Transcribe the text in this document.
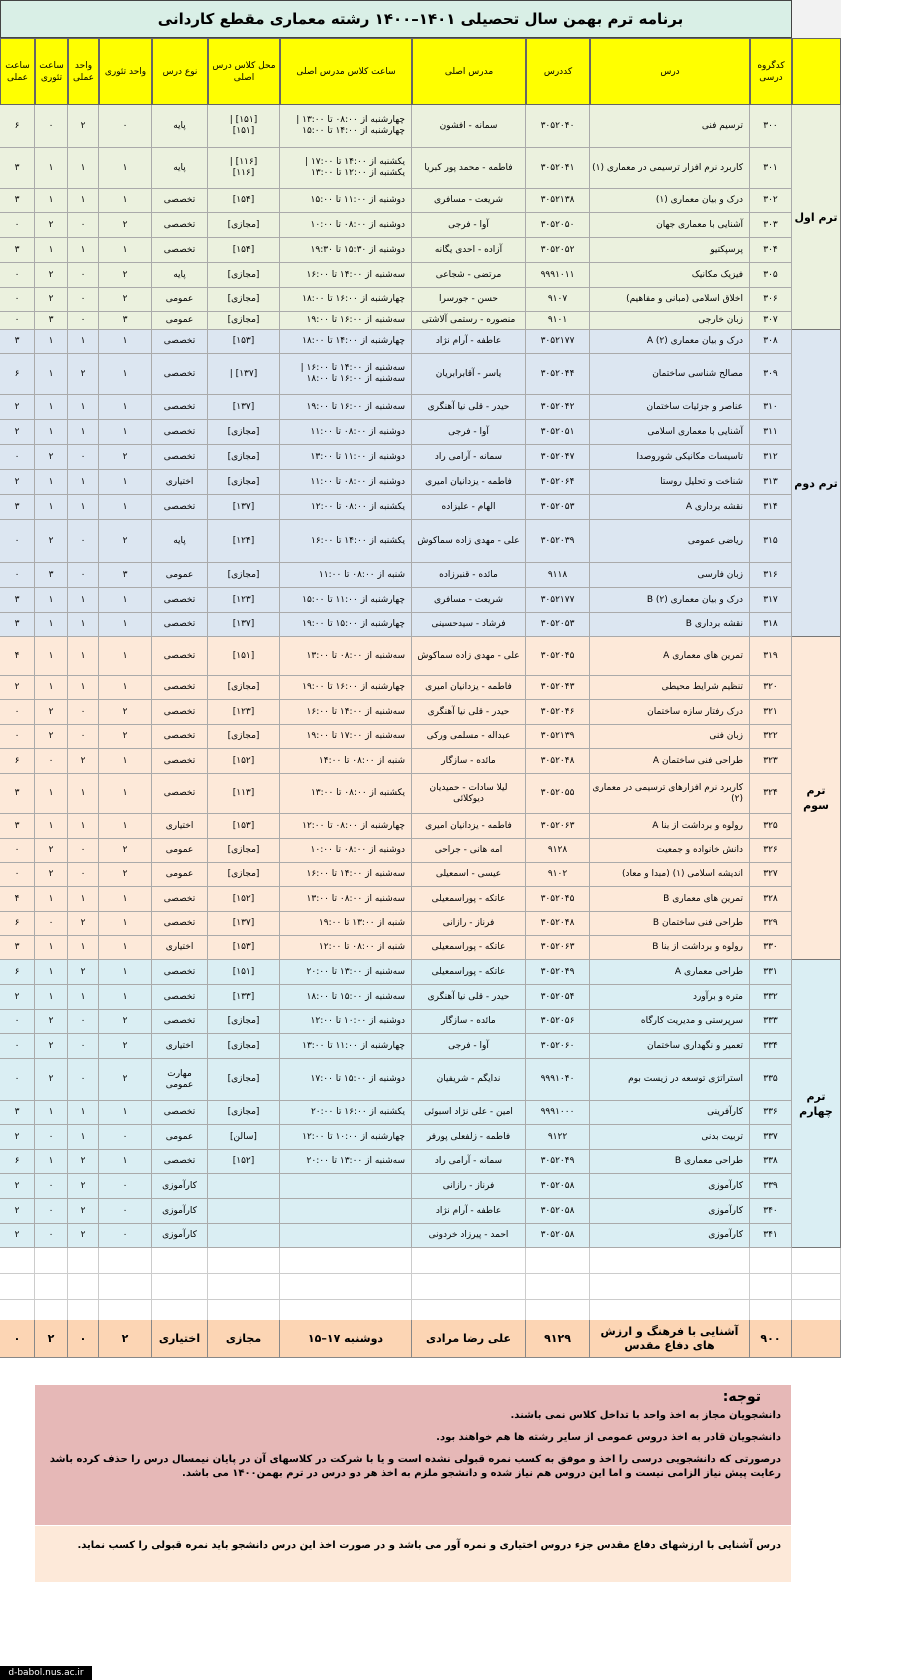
برنامه ترم بهمن سال تحصیلی ۱۴۰۱–۱۴۰۰ رشته معماری مقطع کاردانی
کدگروه درسی
درس
کددرس
مدرس اصلی
ساعت کلاس مدرس اصلی
محل کلاس درس اصلی
نوع درس
واحد تئوری
واحد عملی
ساعت تئوری
ساعت عملی
۳۰۰
ترسیم فنی
۳۰۵۲۰۴۰
سمانه - افشون
چهارشنبه از ۰۸:۰۰ تا ۱۳:۰۰ |
چهارشنبه از ۱۴:۰۰ تا ۱۵:۰۰
[۱۵۱] |
[۱۵۱]
پایه
۰
۲
۰
۶
۳۰۱
کاربرد نرم افزار ترسیمی در معماری (۱)
۳۰۵۲۰۴۱
فاطمه - محمد پور کبریا
یکشنبه از ۱۴:۰۰ تا ۱۷:۰۰ |
یکشنبه از ۱۲:۰۰ تا ۱۳:۰۰
[۱۱۶] |
[۱۱۶]
پایه
۱
۱
۱
۳
۳۰۲
درک و بیان معماری (۱)
۳۰۵۲۱۳۸
شریعت - مسافری
دوشنبه از ۱۱:۰۰ تا ۱۵:۰۰
[۱۵۴]
تخصصی
۱
۱
۱
۳
۳۰۳
آشنایی با معماری جهان
۳۰۵۲۰۵۰
آوا - فرجی
دوشنبه از ۰۸:۰۰ تا ۱۰:۰۰
[مجازی]
تخصصی
۲
۰
۲
۰
۳۰۴
پرسپکتیو
۳۰۵۲۰۵۲
آزاده - احدی یگانه
دوشنبه از ۱۵:۳۰ تا ۱۹:۳۰
[۱۵۴]
تخصصی
۱
۱
۱
۳
۳۰۵
فیزیک مکانیک
۹۹۹۱۰۱۱
مرتضی - شجاعی
سه‌شنبه از ۱۴:۰۰ تا ۱۶:۰۰
[مجازی]
پایه
۲
۰
۲
۰
۳۰۶
اخلاق اسلامی (مبانی و مفاهیم)
۹۱۰۷
حسن - جورسرا
چهارشنبه از ۱۶:۰۰ تا ۱۸:۰۰
[مجازی]
عمومی
۲
۰
۲
۰
۳۰۷
زبان خارجی
۹۱۰۱
منصوره - رستمی آلاشتی
سه‌شنبه از ۱۶:۰۰ تا ۱۹:۰۰
[مجازی]
عمومی
۳
۰
۳
۰
ترم اول
۳۰۸
درک و بیان معماری (۲) A
۳۰۵۲۱۷۷
عاطفه - آرام نژاد
چهارشنبه از ۱۴:۰۰ تا ۱۸:۰۰
[۱۵۳]
تخصصی
۱
۱
۱
۳
۳۰۹
مصالح شناسی ساختمان
۳۰۵۲۰۴۴
یاسر - آقابرابریان
سه‌شنبه از ۱۴:۰۰ تا ۱۶:۰۰ |
سه‌شنبه از ۱۶:۰۰ تا ۱۸:۰۰
[۱۳۷] |
تخصصی
۱
۲
۱
۶
۳۱۰
عناصر و جزئیات ساختمان
۳۰۵۲۰۴۲
حیدر - قلی نیا آهنگری
سه‌شنبه از ۱۶:۰۰ تا ۱۹:۰۰
[۱۳۷]
تخصصی
۱
۱
۱
۲
۳۱۱
آشنایی با معماری اسلامی
۳۰۵۲۰۵۱
آوا - فرجی
دوشنبه از ۰۸:۰۰ تا ۱۱:۰۰
[مجازی]
تخصصی
۱
۱
۱
۲
۳۱۲
تاسیسات مکانیکی شوروصدا
۳۰۵۲۰۴۷
سمانه - آرامی راد
دوشنبه از ۱۱:۰۰ تا ۱۳:۰۰
[مجازی]
تخصصی
۲
۰
۲
۰
۳۱۳
شناخت و تحلیل روستا
۳۰۵۲۰۶۴
فاطمه - یزدانیان امیری
دوشنبه از ۰۸:۰۰ تا ۱۱:۰۰
[مجازی]
اختیاری
۱
۱
۱
۲
۳۱۴
نقشه برداری A
۳۰۵۲۰۵۳
الهام - علیزاده
یکشنبه از ۰۸:۰۰ تا ۱۲:۰۰
[۱۳۷]
تخصصی
۱
۱
۱
۳
۳۱۵
ریاضی عمومی
۳۰۵۲۰۳۹
علی - مهدی زاده سماکوش
یکشنبه از ۱۴:۰۰ تا ۱۶:۰۰
[۱۲۴]
پایه
۲
۰
۲
۰
۳۱۶
زبان فارسی
۹۱۱۸
مائده - قنبرزاده
شنبه از ۰۸:۰۰ تا ۱۱:۰۰
[مجازی]
عمومی
۳
۰
۳
۰
۳۱۷
درک و بیان معماری (۲) B
۳۰۵۲۱۷۷
شریعت - مسافری
چهارشنبه از ۱۱:۰۰ تا ۱۵:۰۰
[۱۲۳]
تخصصی
۱
۱
۱
۳
۳۱۸
نقشه برداری B
۳۰۵۲۰۵۳
فرشاد - سیدحسینی
چهارشنبه از ۱۵:۰۰ تا ۱۹:۰۰
[۱۳۷]
تخصصی
۱
۱
۱
۳
ترم دوم
۳۱۹
تمرین های معماری A
۳۰۵۲۰۴۵
علی - مهدی زاده سماکوش
سه‌شنبه از ۰۸:۰۰ تا ۱۳:۰۰
[۱۵۱]
تخصصی
۱
۱
۱
۴
۳۲۰
تنظیم شرایط محیطی
۳۰۵۲۰۴۳
فاطمه - یزدانیان امیری
چهارشنبه از ۱۶:۰۰ تا ۱۹:۰۰
[مجازی]
تخصصی
۱
۱
۱
۲
۳۲۱
درک رفتار سازه ساختمان
۳۰۵۲۰۴۶
حیدر - قلی نیا آهنگری
سه‌شنبه از ۱۴:۰۰ تا ۱۶:۰۰
[۱۲۳]
تخصصی
۲
۰
۲
۰
۳۲۲
زبان فنی
۳۰۵۲۱۳۹
عبداله - مسلمی ورکی
سه‌شنبه از ۱۷:۰۰ تا ۱۹:۰۰
[مجازی]
تخصصی
۲
۰
۲
۰
۳۲۳
طراحی فنی ساختمان A
۳۰۵۲۰۴۸
مائده - سازگار
شنبه از ۰۸:۰۰ تا ۱۴:۰۰
[۱۵۲]
تخصصی
۱
۲
۰
۶
۳۲۴
کاربرد نرم افزارهای ترسیمی در معماری (۲)
۳۰۵۲۰۵۵
لیلا سادات - حمیدیان دیوکلائی
یکشنبه از ۰۸:۰۰ تا ۱۳:۰۰
[۱۱۳]
تخصصی
۱
۱
۱
۳
۳۲۵
رولوه و برداشت از بنا A
۳۰۵۲۰۶۳
فاطمه - یزدانیان امیری
چهارشنبه از ۰۸:۰۰ تا ۱۲:۰۰
[۱۵۳]
اختیاری
۱
۱
۱
۳
۳۲۶
دانش خانواده و جمعیت
۹۱۲۸
امه هانی - جراحی
دوشنبه از ۰۸:۰۰ تا ۱۰:۰۰
[مجازی]
عمومی
۲
۰
۲
۰
۳۲۷
اندیشه اسلامی (۱) (مبدا و معاد)
۹۱۰۲
عیسی - اسمعیلی
سه‌شنبه از ۱۴:۰۰ تا ۱۶:۰۰
[مجازی]
عمومی
۲
۰
۲
۰
۳۲۸
تمرین های معماری B
۳۰۵۲۰۴۵
عاتکه - پوراسمعیلی
سه‌شنبه از ۰۸:۰۰ تا ۱۳:۰۰
[۱۵۲]
تخصصی
۱
۱
۱
۴
۳۲۹
طراحی فنی ساختمان B
۳۰۵۲۰۴۸
فرناز - رازانی
شنبه از ۱۳:۰۰ تا ۱۹:۰۰
[۱۳۷]
تخصصی
۱
۲
۰
۶
۳۳۰
رولوه و برداشت از بنا B
۳۰۵۲۰۶۳
عاتکه - پوراسمعیلی
شنبه از ۰۸:۰۰ تا ۱۲:۰۰
[۱۵۳]
اختیاری
۱
۱
۱
۳
ترم سوم
۳۳۱
طراحی معماری A
۳۰۵۲۰۴۹
عاتکه - پوراسمعیلی
سه‌شنبه از ۱۳:۰۰ تا ۲۰:۰۰
[۱۵۱]
تخصصی
۱
۲
۱
۶
۳۳۲
متره و برآورد
۳۰۵۲۰۵۴
حیدر - قلی نیا آهنگری
سه‌شنبه از ۱۵:۰۰ تا ۱۸:۰۰
[۱۳۳]
تخصصی
۱
۱
۱
۲
۳۳۳
سرپرستی و مدیریت کارگاه
۳۰۵۲۰۵۶
مائده - سازگار
دوشنبه از ۱۰:۰۰ تا ۱۲:۰۰
[مجازی]
تخصصی
۲
۰
۲
۰
۳۳۴
تعمیر و نگهداری ساختمان
۳۰۵۲۰۶۰
آوا - فرجی
چهارشنبه از ۱۱:۰۰ تا ۱۳:۰۰
[مجازی]
اختیاری
۲
۰
۲
۰
۳۳۵
استراتژی توسعه در زیست بوم
۹۹۹۱۰۴۰
ندایگم - شریفیان
دوشنبه از ۱۵:۰۰ تا ۱۷:۰۰
[مجازی]
مهارت
عمومی
۲
۰
۲
۰
۳۳۶
کارآفرینی
۹۹۹۱۰۰۰
امین - علی نژاد اسبوئی
یکشنبه از ۱۶:۰۰ تا ۲۰:۰۰
[مجازی]
تخصصی
۱
۱
۱
۳
۳۳۷
تربیت بدنی
۹۱۲۲
فاطمه - زلفعلی پورفر
چهارشنبه از ۱۰:۰۰ تا ۱۲:۰۰
[سالن]
عمومی
۰
۱
۰
۲
۳۳۸
طراحی معماری B
۳۰۵۲۰۴۹
سمانه - آرامی راد
سه‌شنبه از ۱۳:۰۰ تا ۲۰:۰۰
[۱۵۲]
تخصصی
۱
۲
۱
۶
۳۳۹
کارآموزی
۳۰۵۲۰۵۸
فرناز - رازانی
کارآموزی
۰
۲
۰
۲
۳۴۰
کارآموزی
۳۰۵۲۰۵۸
عاطفه - آرام نژاد
کارآموزی
۰
۲
۰
۲
۳۴۱
کارآموزی
۳۰۵۲۰۵۸
احمد - پیرزاد خردونی
کارآموزی
۰
۲
۰
۲
ترم چهارم
۹۰۰
آشنایی با فرهنگ و ارزش های دفاع مقدس
۹۱۲۹
علی رضا مرادی
دوشنبه ۱۷–۱۵
مجازی
اختیاری
۲
۰
۲
۰
توجه:

دانشجویان مجاز به اخذ واحد با تداخل کلاس نمی باشند.

دانشجویان قادر به اخذ دروس عمومی از سایر رشته ها هم خواهند بود.

درصورتی که دانشجویی درسی را اخذ و موفق به کسب نمره قبولی نشده است و یا با شرکت در کلاسهای آن در پایان نیمسال درس را حذف کرده باشد رعایت پیش نیاز الزامی نیست و اما این دروس هم نیاز شده و دانشجو ملزم به اخذ هر دو درس در ترم بهمن۱۴۰۰ می باشد.

درس آشنایی با ارزشهای دفاع مقدس جزء دروس اختیاری و نمره آور می باشد و در صورت اخذ این درس دانشجو باید نمره قبولی را کسب نماید.
d-babol.nus.ac.ir
